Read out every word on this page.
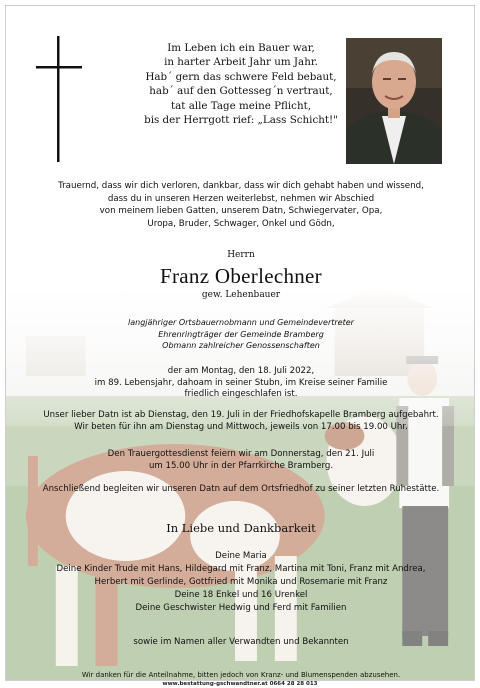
Im Leben ich ein Bauer war,
in harter Arbeit Jahr um Jahr.
Hab´ gern das schwere Feld bebaut,
hab´ auf den Gottesseg´n vertraut,
tat alle Tage meine Pflicht,
bis der Herrgott rief: „Lass Schicht!"
Trauernd, dass wir dich verloren, dankbar, dass wir dich gehabt haben und wissend,
dass du in unseren Herzen weiterlebst, nehmen wir Abschied
von meinem lieben Gatten, unserem Datn, Schwiegervater, Opa,
Uropa, Bruder, Schwager, Onkel und Gödn,
Herrn
Franz Oberlechner
gew. Lehenbauer
langjähriger Ortsbauernobmann und Gemeindevertreter
Ehrenringträger der Gemeinde Bramberg
Obmann zahlreicher Genossenschaften
der am Montag, den 18. Juli 2022,
im 89. Lebensjahr, dahoam in seiner Stubn, im Kreise seiner Familie
friedlich eingeschlafen ist.
Unser lieber Datn ist ab Dienstag, den 19. Juli in der Friedhofskapelle Bramberg aufgebahrt.
Wir beten für ihn am Dienstag und Mittwoch, jeweils von 17.00 bis 19.00 Uhr.
Den Trauergottesdienst feiern wir am Donnerstag, den 21. Juli
um 15.00 Uhr in der Pfarrkirche Bramberg.
Anschließend begleiten wir unseren Datn auf dem Ortsfriedhof zu seiner letzten Ruhestätte.
In Liebe und Dankbarkeit
Deine Maria
Deine Kinder Trude mit Hans, Hildegard mit Franz, Martina mit Toni, Franz mit Andrea,
Herbert mit Gerlinde, Gottfried mit Monika und Rosemarie mit Franz
Deine 18 Enkel und 16 Urenkel
Deine Geschwister Hedwig und Ferd mit Familien
sowie im Namen aller Verwandten und Bekannten
Wir danken für die Anteilnahme, bitten jedoch von Kranz- und Blumenspenden abzusehen.
www.bestattung-gschwandtner.at 0664 28 28 013
